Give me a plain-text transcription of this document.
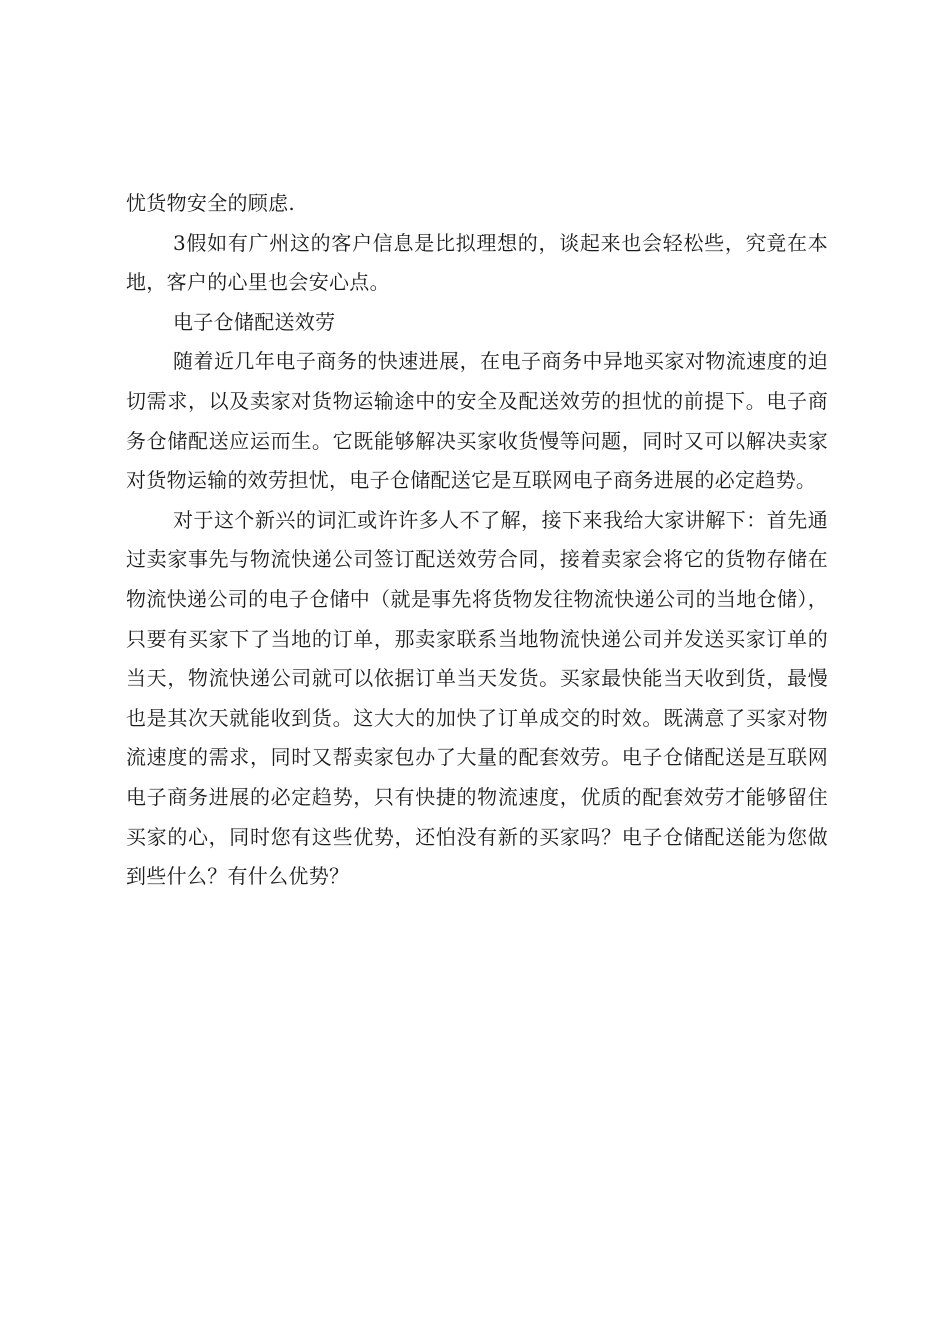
忧货物安全的顾虑.

3假如有广州这的客户信息是比拟理想的，谈起来也会轻松些，究竟在本地，客户的心里也会安心点。

电子仓储配送效劳

随着近几年电子商务的快速进展，在电子商务中异地买家对物流速度的迫切需求，以及卖家对货物运输途中的安全及配送效劳的担忧的前提下。电子商务仓储配送应运而生。它既能够解决买家收货慢等问题，同时又可以解决卖家对货物运输的效劳担忧，电子仓储配送它是互联网电子商务进展的必定趋势。

对于这个新兴的词汇或许许多人不了解，接下来我给大家讲解下：首先通过卖家事先与物流快递公司签订配送效劳合同，接着卖家会将它的货物存储在物流快递公司的电子仓储中（就是事先将货物发往物流快递公司的当地仓储），只要有买家下了当地的订单，那卖家联系当地物流快递公司并发送买家订单的当天，物流快递公司就可以依据订单当天发货。买家最快能当天收到货，最慢也是其次天就能收到货。这大大的加快了订单成交的时效。既满意了买家对物流速度的需求，同时又帮卖家包办了大量的配套效劳。电子仓储配送是互联网电子商务进展的必定趋势，只有快捷的物流速度，优质的配套效劳才能够留住买家的心，同时您有这些优势，还怕没有新的买家吗？电子仓储配送能为您做到些什么？有什么优势？
